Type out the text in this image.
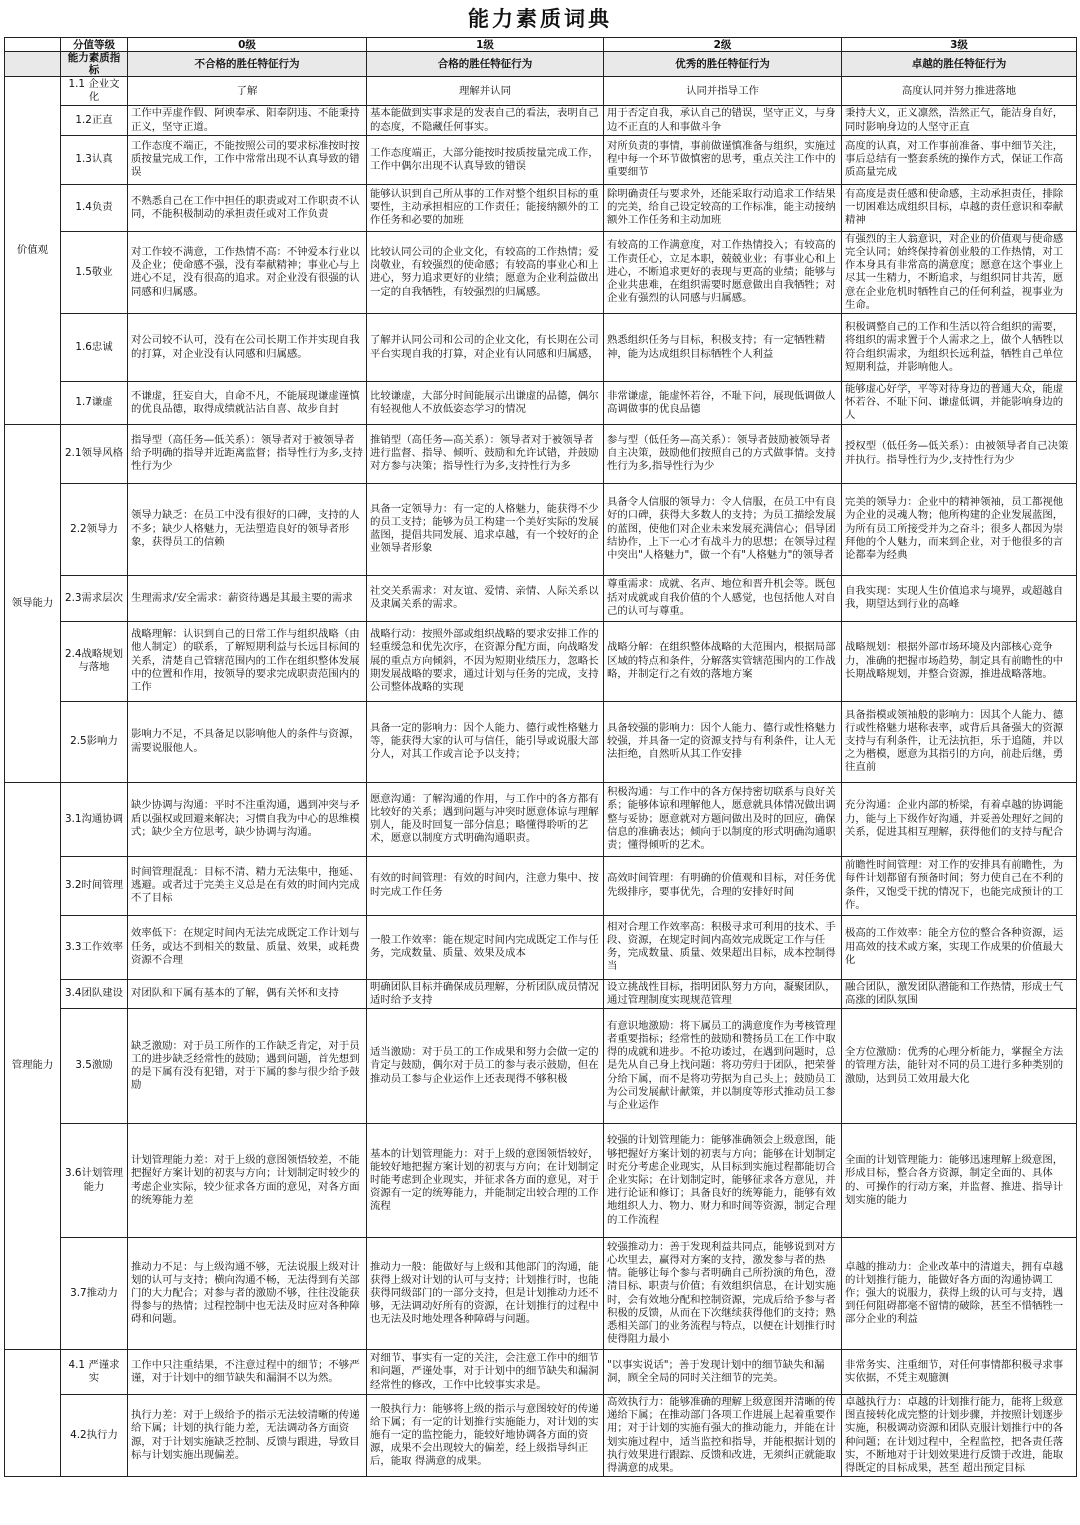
能力素质词典
	分值等级	0级	1级	2级	3级
	能力素质指标	不合格的胜任特征行为	合格的胜任特征行为	优秀的胜任特征行为	卓越的胜任特征行为
价值观	1.1 企业文化	了解	理解并认同	认同并指导工作	高度认同并努力推进落地
	1.2正直	工作中弄虚作假、阿谀奉承、阳奉阴违、不能秉持正义，坚守正道。	基本能做到实事求是的发表自己的看法，表明自己的态度，不隐藏任何事实。	用于否定自我，承认自己的错误，坚守正义，与身边不正直的人和事做斗争	秉持大义，正义凛然，浩然正气，能洁身自好，同时影响身边的人坚守正直
	1.3认真	工作态度不端正，不能按照公司的要求标准按时按质按量完成工作，工作中常常出现不认真导致的错误	工作态度端正，大部分能按时按质按量完成工作，工作中偶尔出现不认真导致的错误	对所负责的事情，事前做谨慎准备与组织，实施过程中每一个环节做慎密的思考，重点关注工作中的重要细节	高度的认真，对工作事前准备、事中细节关注，事后总结有一整套系统的操作方式，保证工作高质高量完成
	1.4负责	不熟悉自己在工作中担任的职责或对工作职责不认同，不能积极制动的承担责任或对工作负责	能够认识到自己所从事的工作对整个组织目标的重要性，主动承担相应的工作责任；能接纳额外的工作任务和必要的加班	除明确责任与要求外，还能采取行动追求工作结果的完美，给自己设定较高的工作标准，能主动接纳额外工作任务和主动加班	有高度是责任感和使命感，主动承担责任，排除一切困难达成组织目标，卓越的责任意识和奉献精神
	1.5敬业	对工作较不满意，工作热情不高：不钟爱本行业以及企业；使命感不强，没有奉献精神；事业心与上进心不足，没有很高的追求。对企业没有很强的认同感和归属感。	比较认同公司的企业文化，有较高的工作热情；爱岗敬业，有较强烈的使命感；有较高的事业心和上进心，努力追求更好的业绩；愿意为企业利益做出一定的自我牺牲，有较强烈的归属感。	有较高的工作满意度，对工作热情投入；有较高的工作责任心，立足本职，兢兢业业；有事业心和上进心，不断追求更好的表现与更高的业绩；能够与企业共患难，在组织需要时愿意做出自我牺牲；对企业有强烈的认同感与归属感。	有强烈的主人翁意识，对企业的价值观与使命感完全认同；始终保持着创业般的工作热情，对工作本身具有非常高的满意度；愿意在这个事业上尽其一生精力，不断追求，与组织同甘共苦，愿意在企业危机时牺牲自己的任何利益，视事业为生命。
	1.6忠诚	对公司较不认可，没有在公司长期工作并实现自我的打算，对企业没有认同感和归属感。	了解并认同公司和公司的企业文化，有长期在公司平台实现自我的打算，对企业有认同感和归属感，	熟悉组织任务与目标，积极支持；有一定牺牲精神，能为达成组织目标牺牲个人利益	积极调整自己的工作和生活以符合组织的需要，将组织的需求置于个人需求之上，做个人牺牲以符合组织需求，为组织长远利益，牺牲自己单位短期利益，并影响他人。
	1.7谦虚	不谦虚，狂妄自大，自命不凡，不能展现谦虚谨慎的优良品德，取得成绩就沾沾自喜、故步自封	比较谦虚，大部分时间能展示出谦虚的品德，偶尔有轻视他人不放低姿态学习的情况	非常谦虚，能虚怀若谷，不耻下问，展现低调做人高调做事的优良品德	能够虚心好学，平等对待身边的普通大众，能虚怀若谷、不耻下问、谦虚低调，并能影响身边的人
领导能力	2.1领导风格	指导型（高任务—低关系）：领导者对于被领导者给予明确的指导并近距离监督；指导性行为多,支持性行为少	推销型（高任务—高关系）：领导者对于被领导者进行监督、指导、倾听、鼓励和允许试错，并鼓励对方参与决策；指导性行为多,支持性行为多	参与型（低任务—高关系）：领导者鼓励被领导者自主决策，鼓励他们按照自己的方式做事情。支持性行为多,指导性行为少	授权型（低任务—低关系）：由被领导者自己决策并执行。指导性行为少,支持性行为少
	2.2领导力	领导力缺乏：在员工中没有很好的口碑，支持的人不多；缺少人格魅力，无法塑造良好的领导者形象，获得员工的信赖	具备一定领导力：有一定的人格魅力，能获得不少的员工支持；能够为员工构建一个美好实际的发展蓝图，提倡共同发展、追求卓越，有一个较好的企业领导者形象	具备令人信服的领导力：令人信服，在员工中有良好的口碑，获得大多数人的支持；为员工描绘发展的蓝图，使他们对企业未来发展充满信心；倡导团结协作，上下一心才有战斗力的思想；在领导过程中突出"人格魅力"，做一个有"人格魅力"的领导者	完美的领导力：企业中的精神领袖，员工都视他为企业的灵魂人物；他所构建的企业发展蓝图，为所有员工所接受并为之奋斗；很多人都因为崇拜他的个人魅力，而来到企业，对于他很多的言论都奉为经典
	2.3需求层次	生理需求/安全需求：薪资待遇是其最主要的需求	社交关系需求：对友谊、爱情、亲情、人际关系以及隶属关系的需求。	尊重需求：成就、名声、地位和晋升机会等。既包括对成就或自我价值的个人感觉，也包括他人对自己的认可与尊重。	自我实现：实现人生价值追求与境界，或超越自我，期望达到行业的高峰
	2.4战略规划与落地	战略理解：认识到自己的日常工作与组织战略（由他人制定）的联系，了解短期利益与长远目标间的关系，清楚自己管辖范围内的工作在组织整体发展中的位置和作用，按领导的要求完成职责范围内的工作	战略行动：按照外部或组织战略的要求安排工作的轻重缓急和优先次序，在资源分配方面，向战略发展的重点方向倾斜，不因为短期业绩压力，忽略长期发展战略的要求，通过计划与任务的完成，支持公司整体战略的实现	战略分解：在组织整体战略的大范围内，根据局部区域的特点和条件，分解落实管辖范围内的工作战略，并制定行之有效的落地方案	战略规划：根据外部市场环境及内部核心竞争力，准确的把握市场趋势，制定具有前瞻性的中长期战略规划，并整合资源，推进战略落地。
	2.5影响力	影响力不足，不具备足以影响他人的条件与资源，需要说服他人。	具备一定的影响力：因个人能力、德行或性格魅力等，能获得大家的认可与信任，能引导或说服大部分人，对其工作或言论予以支持；	具备较强的影响力：因个人能力、德行或性格魅力较强，并具备一定的资源支持与有利条件，让人无法拒绝，自然听从其工作安排	具备指模或领袖般的影响力：因其个人能力、德行或性格魅力堪称表率，或背后具备强大的资源支持与有利条件，让无法抗拒，乐于追随，并以之为楷模，愿意为其指引的方向，前赴后继，勇往直前
管理能力	3.1沟通协调	缺少协调与沟通：平时不注重沟通，遇到冲突与矛盾以强权或回避来解决；习惯自我为中心的思维模式；缺少全方位思考，缺少协调与沟通。	愿意沟通：了解沟通的作用，与工作中的各方都有比较好的关系；遇到问题与冲突时愿意体谅与理解别人，能及时回复一部分信息；略懂得聆听的艺术，愿意以制度方式明确沟通职责。	积极沟通：与工作中的各方保持密切联系与良好关系；能够体谅和理解他人，愿意就具体情况做出调整与妥协；愿意就对方题问做出及时的回应，确保信息的准确表达；倾向于以制度的形式明确沟通职责；懂得倾听的艺术。	充分沟通：企业内部的桥梁，有着卓越的协调能力，能与上下级作好沟通，并妥善处理好之间的关系，促进其相互理解，获得他们的支持与配合
	3.2时间管理	时间管理混乱：目标不清、精力无法集中，拖延、逃避。或者过于完美主义总是在有效的时间内完成不了目标	有效的时间管理：有效的时间内，注意力集中、按时完成工作任务	高效时间管理：有明确的价值观和目标，对任务优先级排序，要事优先，合理的安排好时间	前瞻性时间管理：对工作的安排具有前瞻性，为每件计划都留有预备时间；努力使自己在不利的条件，又饱受干扰的情况下，也能完成预计的工作。
	3.3工作效率	效率低下：在规定时间内无法完成既定工作计划与任务，或达不到相关的数量、质量、效果，或耗费资源不合理	一般工作效率：能在规定时间内完成既定工作与任务，完成数量、质量、效果及成本	相对合理工作效率高：积极寻求可利用的技术、手段、资源，在规定时间内高效完成既定工作与任务，完成数量、质量、效果超出目标，成本控制得当	极高的工作效率：能全方位的整合各种资源，运用高效的技术或方案，实现工作成果的价值最大化
	3.4团队建设	对团队和下属有基本的了解，偶有关怀和支持	明确团队目标并确保成员理解，分析团队成员情况适时给予支持	设立挑战性目标，指明团队努力方向，凝聚团队，通过管理制度实现规范管理	融合团队，激发团队潜能和工作热情，形成士气高涨的团队氛围
	3.5激励	缺乏激励：对于员工所作的工作缺乏肯定，对于员工的进步缺乏经常性的鼓励；遇到问题，首先想到的是下属有没有犯错，对于下属的参与很少给予鼓励	适当激励：对于员工的工作成果和努力会做一定的肯定与鼓励，偶尔对于员工的参与表示鼓励，但在推动员工参与企业运作上还表现得不够积极	有意识地激励：将下属员工的满意度作为考核管理者重要指标；经常性的鼓励和赞扬员工在工作中取得的成就和进步。不抢功诿过，在遇到问题时，总是先从自己身上找问题：将功劳归于团队，把荣誉分给下属，而不是将功劳据为自己头上；鼓励员工为公司发展献计献策，并以制度等形式推动员工参与企业运作	全方位激励：优秀的心理分析能力，掌握全方法的管理方法，能针对不同的员工进行多种类别的激励，达到员工效用最大化
	3.6计划管理能力	计划管理能力差：对于上级的意图领悟较差，不能把握好方案计划的初衷与方向；计划制定时较少的考虑企业实际，较少征求各方面的意见，对各方面的统筹能力差	基本的计划管理能力：对于上级的意图领悟较好，能较好地把握方案计划的初衷与方向；在计划制定时能考虑到企业现实，并征求各方面的意见，对于资源有一定的统筹能力，并能制定出较合理的工作流程	较强的计划管理能力：能够准确领会上级意图，能够把握好方案计划的初衷与方向；能够在计划制定时充分考虑企业现实，从目标到实施过程都能切合企业实际；在计划制定时，能够征求各方意见，并进行论证和修订；具备良好的统筹能力，能够有效地组织人力、物力、财力和时间等资源，制定合理的工作流程	全面的计划管理能力：能够迅速理解上级意图，形成目标，整合各方资源，制定全面的、具体的、可操作的行动方案，并监督、推进、指导计划实施的能力
	3.7推动力	推动力不足：与上级沟通不够，无法说服上级对计划的认可与支持；横向沟通不畅，无法得到有关部门的大力配合；对参与者的激励不够，往往没能获得参与的热情；过程控制中也无法及时应对各种障碍和问题。	推动力一般：能做好与上级和其他部门的沟通，能获得上级对计划的认可与支持；计划推行时，也能获得同级部门的一部分支持，但是计划推动力还不够，无法调动好所有的资源，在计划推行的过程中也无法及时地处理各种障碍与问题。	较强推动力：善于发现利益共同点，能够说到对方心坎里去，赢得对方案的支持，激发参与者的热情。能够让每个参与者明确自己所扮演的角色，澄清目标、职责与价值；有效组织信息，在计划实施时，会有效地分配和控制资源，完成后给予参与者积极的反馈，从而在下次继续获得他们的支持；熟悉相关部门的业务流程与特点，以便在计划推行时使得阻力最小	卓越的推动力：企业改革中的清道夫，拥有卓越的计划推行能力，能做好各方面的沟通协调工作；强大的说服力，获得上级的认可与支持，遇到任何阻碍都毫不留情的破除，甚至不惜牺牲一部分企业的利益
	4.1 严谨求实	工作中只注重结果，不注意过程中的细节；不够严谨，对于计划中的细节缺失和漏洞不以为然。	对细节、事实有一定的关注，会注意工作中的细节和问题，严谨处事，对于计划中的细节缺失和漏洞经常性的修改，工作中比较事实求是。	"以事实说话"；善于发现计划中的细节缺失和漏洞，顾全全局的同时关注细节的完美。	非常务实、注重细节，对任何事情都积极寻求事实依据，不凭主观臆测
	4.2执行力	执行力差：对于上级给予的指示无法较清晰的传递给下属；计划的执行能力差，无法调动各方面资源，对于计划实施缺乏控制、反馈与跟进，导致目标与计划实施出现偏差。	一般执行力：能够将上级的指示与意图较好的传递给下属；有一定的计划推行实施能力，对计划的实施有一定的监控能力，能较好地协调各方面的资源，成果不会出现较大的偏差，经上级指导纠正后，能取 得满意的成果。	高效执行力：能够准确的理解上级意图并清晰的传递给下属；在推动部门各项工作进展上起着重要作用；对于计划的实施有强大的推动能力，并能在计划实施过程中，适当监控和指导，并能根据计划的执行效果进行跟踪、反馈和改进，无须纠正就能取得满意的成果。	卓越执行力：卓越的计划推行能力，能将上级意图直接转化成完整的计划步骤，并按照计划逐步实施，积极调动资源和团队克服计划推行中的各种问题；在计划过程中，全程监控，把各责任落实，不断地对于计划效果进行反馈于改进，能取得既定的目标成果，甚至 超出预定目标
